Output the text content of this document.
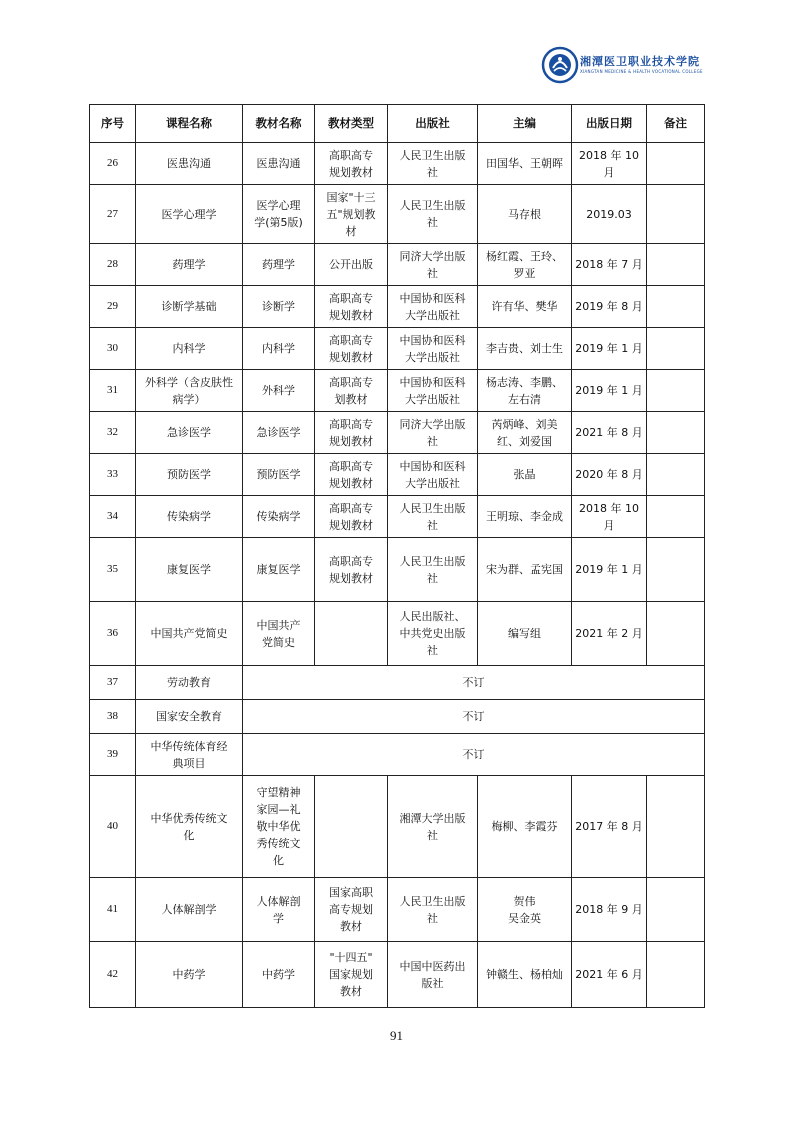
湘潭医卫职业技术学院
XIANGTAN MEDICINE & HEALTH VOCATIONAL COLLEGE
序号	课程名称	教材名称	教材类型	出版社	主编	出版日期	备注
26	医患沟通	医患沟通	高职高专
规划教材	人民卫生出版
社	田国华、王朝晖	2018 年 10
月	
27	医学心理学	医学心理
学(第5版)	国家"十三
五"规划教
材	人民卫生出版
社	马存根	2019.03	
28	药理学	药理学	公开出版	同济大学出版
社	杨红霞、王玲、
罗亚	2018 年 7 月	
29	诊断学基础	诊断学	高职高专
规划教材	中国协和医科
大学出版社	许有华、樊华	2019 年 8 月	
30	内科学	内科学	高职高专
规划教材	中国协和医科
大学出版社	李吉贵、刘士生	2019 年 1 月	
31	外科学（含皮肤性
病学）	外科学	高职高专
划教材	中国协和医科
大学出版社	杨志涛、李鹏、
左右清	2019 年 1 月	
32	急诊医学	急诊医学	高职高专
规划教材	同济大学出版
社	芮炳峰、刘美
红、刘爱国	2021 年 8 月	
33	预防医学	预防医学	高职高专
规划教材	中国协和医科
大学出版社	张晶	2020 年 8 月	
34	传染病学	传染病学	高职高专
规划教材	人民卫生出版
社	王明琼、李金成	2018 年 10
月	
35	康复医学	康复医学	高职高专
规划教材	人民卫生出版
社	宋为群、孟宪国	2019 年 1 月	
36	中国共产党简史	中国共产
党简史		人民出版社、
中共党史出版
社	编写组	2021 年 2 月	
37	劳动教育	不订					
38	国家安全教育	不订					
39	中华传统体育经
典项目	不订					
40	中华优秀传统文
化	守望精神
家园—礼
敬中华优
秀传统文
化		湘潭大学出版
社	梅柳、李霞芬	2017 年 8 月	
41	人体解剖学	人体解剖
学	国家高职
高专规划
教材	人民卫生出版
社	贺伟
吴金英	2018 年 9 月	
42	中药学	中药学	"十四五"
国家规划
教材	中国中医药出
版社	钟赣生、杨柏灿	2021 年 6 月	
91
